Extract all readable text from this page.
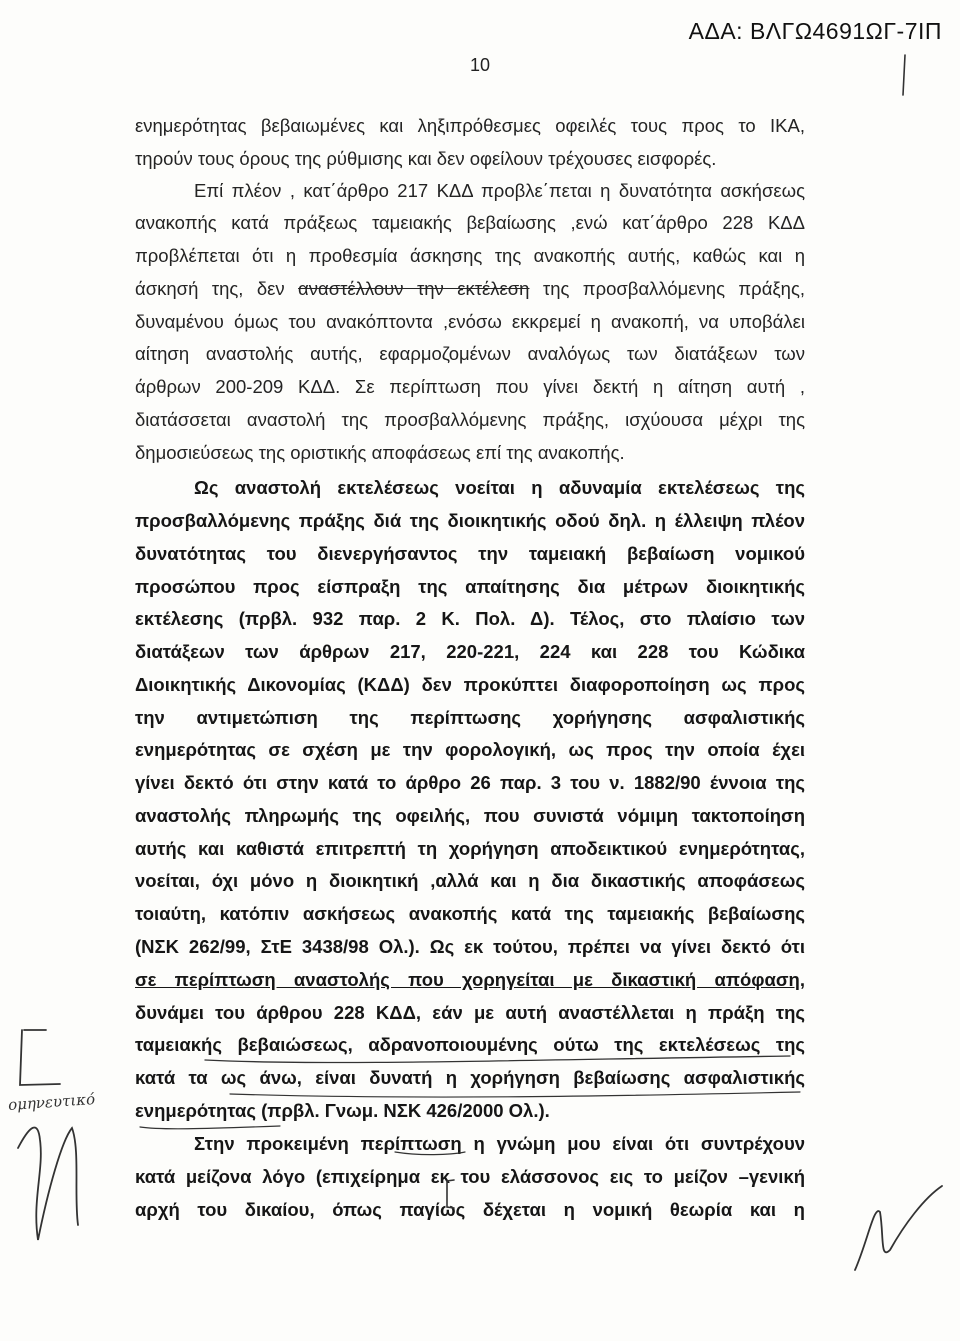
ΑΔΑ: ΒΛΓΩ4691ΩΓ-7ΙΠ
10
ενημερότητας βεβαιωμένες και ληξιπρόθεσμες οφειλές τους προς το ΙΚΑ,
τηρούν τους όρους της ρύθμισης και δεν οφείλουν τρέχουσες εισφορές.
Επί πλέον , κατ΄άρθρο 217 ΚΔΔ προβλε΄πεται η δυνατότητα ασκήσεως
ανακοπής κατά πράξεως ταμειακής βεβαίωσης ,ενώ κατ΄άρθρο 228 ΚΔΔ
προβλέπεται ότι η προθεσμία άσκησης της ανακοπής αυτής, καθώς και η
άσκησή της, δεν αναστέλλουν την εκτέλεση της προσβαλλόμενης πράξης,
δυναμένου όμως του ανακόπτοντα ,ενόσω εκκρεμεί η ανακοπή, να υποβάλει
αίτηση αναστολής αυτής, εφαρμοζομένων αναλόγως των διατάξεων των
άρθρων 200-209 ΚΔΔ. Σε περίπτωση που γίνει δεκτή η αίτηση αυτή ,
διατάσσεται αναστολή της προσβαλλόμενης πράξης, ισχύουσα μέχρι της
δημοσιεύσεως της οριστικής αποφάσεως επί της ανακοπής.
Ως αναστολή εκτελέσεως νοείται η αδυναμία εκτελέσεως της
προσβαλλόμενης πράξης διά της διοικητικής οδού δηλ. η έλλειψη πλέον
δυνατότητας του διενεργήσαντος την ταμειακή βεβαίωση νομικού
προσώπου προς είσπραξη της απαίτησης δια μέτρων διοικητικής
εκτέλεσης (πρβλ. 932 παρ. 2 Κ. Πολ. Δ). Τέλος, στο πλαίσιο των
διατάξεων των άρθρων 217, 220-221, 224 και 228 του Κώδικα
Διοικητικής Δικονομίας (ΚΔΔ) δεν προκύπτει διαφοροποίηση ως προς
την αντιμετώπιση της περίπτωσης χορήγησης ασφαλιστικής
ενημερότητας σε σχέση με την φορολογική, ως προς την οποία έχει
γίνει δεκτό ότι στην κατά το άρθρο 26 παρ. 3 του ν. 1882/90 έννοια της
αναστολής πληρωμής της οφειλής, που συνιστά νόμιμη τακτοποίηση
αυτής και καθιστά επιτρεπτή τη χορήγηση αποδεικτικού ενημερότητας,
νοείται, όχι μόνο η διοικητική ,αλλά και η δια δικαστικής αποφάσεως
τοιαύτη, κατόπιν ασκήσεως ανακοπής κατά της ταμειακής βεβαίωσης
(ΝΣΚ 262/99, ΣτΕ 3438/98 Ολ.). Ως εκ τούτου, πρέπει να γίνει δεκτό ότι
σε περίπτωση αναστολής που χορηγείται με δικαστική απόφαση,
δυνάμει του άρθρου 228 ΚΔΔ, εάν με αυτή αναστέλλεται η πράξη της
ταμειακής βεβαιώσεως, αδρανοποιουμένης ούτω της εκτελέσεως της
κατά τα ως άνω, είναι δυνατή η χορήγηση βεβαίωσης ασφαλιστικής
ενημερότητας (πρβλ. Γνωμ. ΝΣΚ 426/2000 Ολ.).
Στην προκειμένη περίπτωση η γνώμη μου είναι ότι συντρέχουν
κατά μείζονα λόγο (επιχείρημα εκ του ελάσσονος εις το μείζον –γενική
αρχή του δικαίου, όπως παγίως δέχεται η νομική θεωρία και η
ομηνευτικό
